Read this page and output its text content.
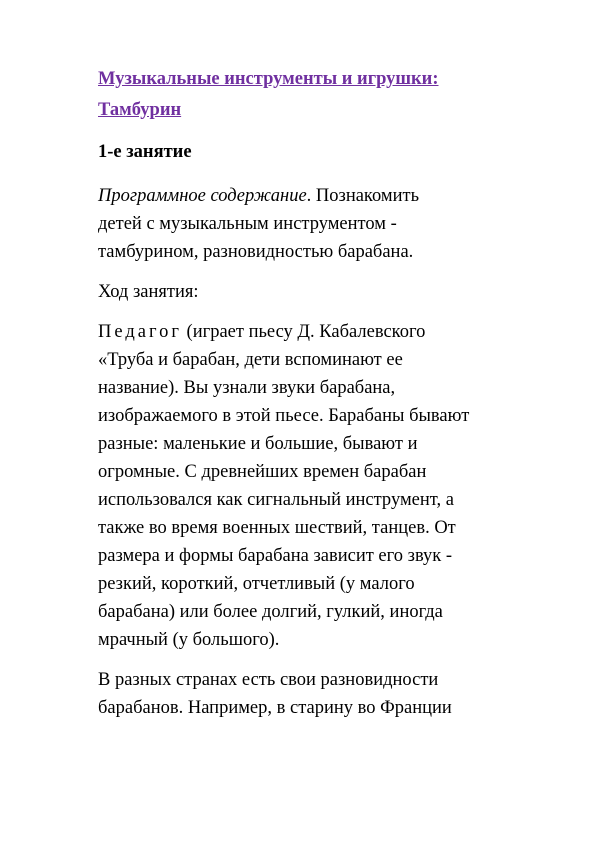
Музыкальные инструменты и игрушки:
Тамбурин

1-е занятие

Программное содержание. Познакомить

детей с музыкальным инструментом -

тамбурином, разновидностью барабана.

Ход занятия:

Педагог (играет пьесу Д. Кабалевского

«Труба и барабан, дети вспоминают ее

название). Вы узнали звуки барабана,

изображаемого в этой пьесе. Барабаны бывают

разные: маленькие и большие, бывают и

огромные. С древнейших времен барабан

использовался как сигнальный инструмент, а

также во время военных шествий, танцев. От

размера и формы барабана зависит его звук -

резкий, короткий, отчетливый (у малого

барабана) или более долгий, гулкий, иногда

мрачный (у большого).

В разных странах есть свои разновидности

барабанов. Например, в старину во Франции
